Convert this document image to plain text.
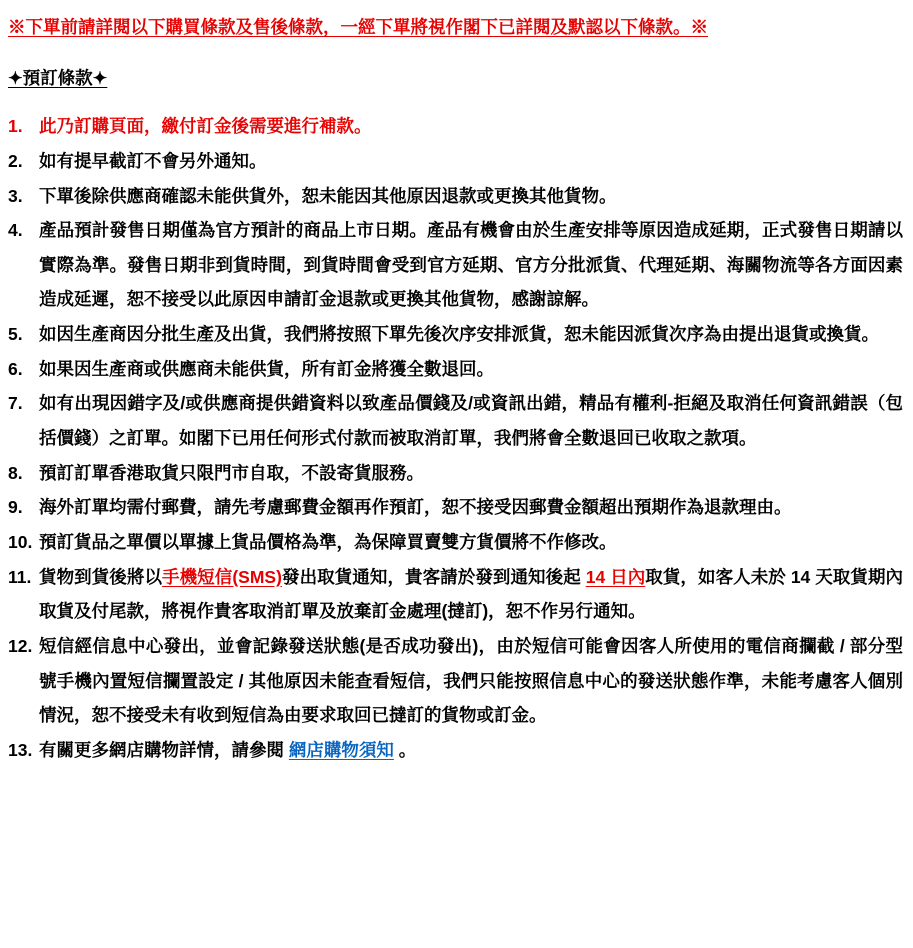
※下單前請詳閱以下購買條款及售後條款，一經下單將視作閣下已詳閱及默認以下條款。※

✦預訂條款✦

1. 此乃訂購頁面，繳付訂金後需要進行補款。
2. 如有提早截訂不會另外通知。
3. 下單後除供應商確認未能供貨外，恕未能因其他原因退款或更換其他貨物。
4. 產品預計發售日期僅為官方預計的商品上市日期。產品有機會由於生產安排等原因造成延期，正式發售日期請以實際為準。發售日期非到貨時間，到貨時間會受到官方延期、官方分批派貨、代理延期、海關物流等各方面因素造成延遲，恕不接受以此原因申請訂金退款或更換其他貨物，感謝諒解。
5. 如因生產商因分批生產及出貨，我們將按照下單先後次序安排派貨，恕未能因派貨次序為由提出退貨或換貨。
6. 如果因生產商或供應商未能供貨，所有訂金將獲全數退回。
7. 如有出現因錯字及/或供應商提供錯資料以致產品價錢及/或資訊出錯，精品有權利-拒絕及取消任何資訊錯誤（包括價錢）之訂單。如閣下已用任何形式付款而被取消訂單，我們將會全數退回已收取之款項。
8. 預訂訂單香港取貨只限門市自取，不設寄貨服務。
9. 海外訂單均需付郵費，請先考慮郵費金額再作預訂，恕不接受因郵費金額超出預期作為退款理由。
10. 預訂貨品之單價以單據上貨品價格為準，為保障買賣雙方貨價將不作修改。
11. 貨物到貨後將以手機短信(SMS)發出取貨通知，貴客請於發到通知後起 14 日內取貨，如客人未於 14 天取貨期內取貨及付尾款，將視作貴客取消訂單及放棄訂金處理(撻訂)，恕不作另行通知。
12. 短信經信息中心發出，並會記錄發送狀態(是否成功發出)，由於短信可能會因客人所使用的電信商攔截 / 部分型號手機內置短信攔置設定 / 其他原因未能查看短信，我們只能按照信息中心的發送狀態作準，未能考慮客人個別情況，恕不接受未有收到短信為由要求取回已撻訂的貨物或訂金。
13. 有關更多網店購物詳情，請參閱 網店購物須知 。
